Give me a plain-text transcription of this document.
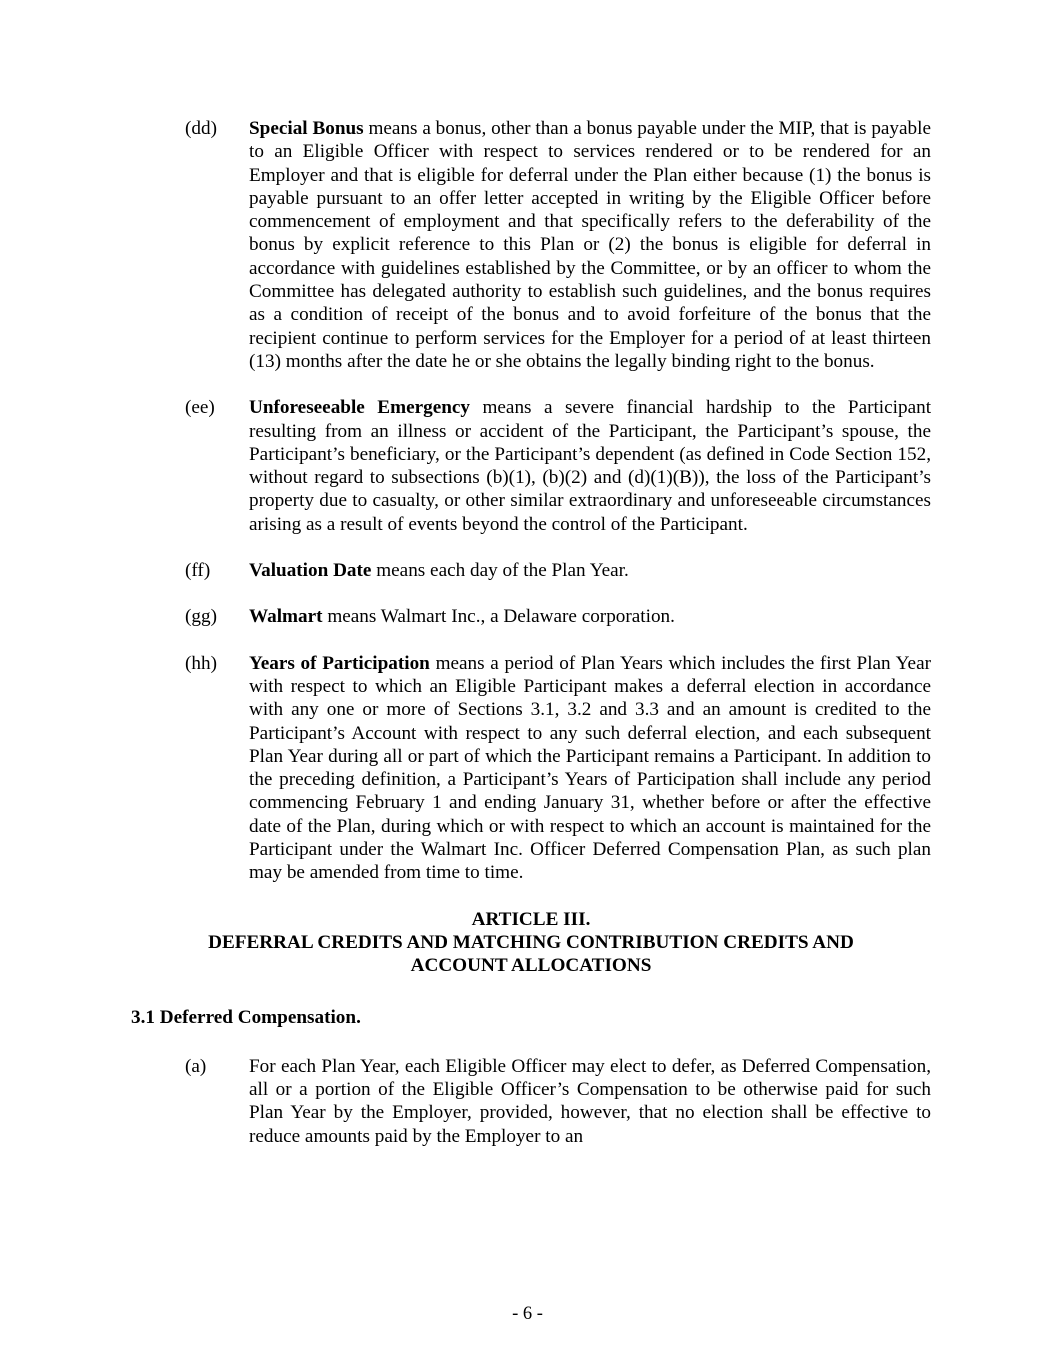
(dd)	Special Bonus means a bonus, other than a bonus payable under the MIP, that is payable to an Eligible Officer with respect to services rendered or to be rendered for an Employer and that is eligible for deferral under the Plan either because (1) the bonus is payable pursuant to an offer letter accepted in writing by the Eligible Officer before commencement of employment and that specifically refers to the deferability of the bonus by explicit reference to this Plan or (2) the bonus is eligible for deferral in accordance with guidelines established by the Committee, or by an officer to whom the Committee has delegated authority to establish such guidelines, and the bonus requires as a condition of receipt of the bonus and to avoid forfeiture of the bonus that the recipient continue to perform services for the Employer for a period of at least thirteen (13) months after the date he or she obtains the legally binding right to the bonus.

(ee)	Unforeseeable Emergency means a severe financial hardship to the Participant resulting from an illness or accident of the Participant, the Participant’s spouse, the Participant’s beneficiary, or the Participant’s dependent (as defined in Code Section 152, without regard to subsections (b)(1), (b)(2) and (d)(1)(B)), the loss of the Participant’s property due to casualty, or other similar extraordinary and unforeseeable circumstances arising as a result of events beyond the control of the Participant.

(ff)	Valuation Date means each day of the Plan Year.

(gg)	Walmart means Walmart Inc., a Delaware corporation.

(hh)	Years of Participation means a period of Plan Years which includes the first Plan Year with respect to which an Eligible Participant makes a deferral election in accordance with any one or more of Sections 3.1, 3.2 and 3.3 and an amount is credited to the Participant’s Account with respect to any such deferral election, and each subsequent Plan Year during all or part of which the Participant remains a Participant. In addition to the preceding definition, a Participant’s Years of Participation shall include any period commencing February 1 and ending January 31, whether before or after the effective date of the Plan, during which or with respect to which an account is maintained for the Participant under the Walmart Inc. Officer Deferred Compensation Plan, as such plan may be amended from time to time.

ARTICLE III.
DEFERRAL CREDITS AND MATCHING CONTRIBUTION CREDITS AND
ACCOUNT ALLOCATIONS
3.1 Deferred Compensation.
(a)	For each Plan Year, each Eligible Officer may elect to defer, as Deferred Compensation, all or a portion of the Eligible Officer’s Compensation to be otherwise paid for such Plan Year by the Employer, provided, however, that no election shall be effective to reduce amounts paid by the Employer to an

- 6 -
